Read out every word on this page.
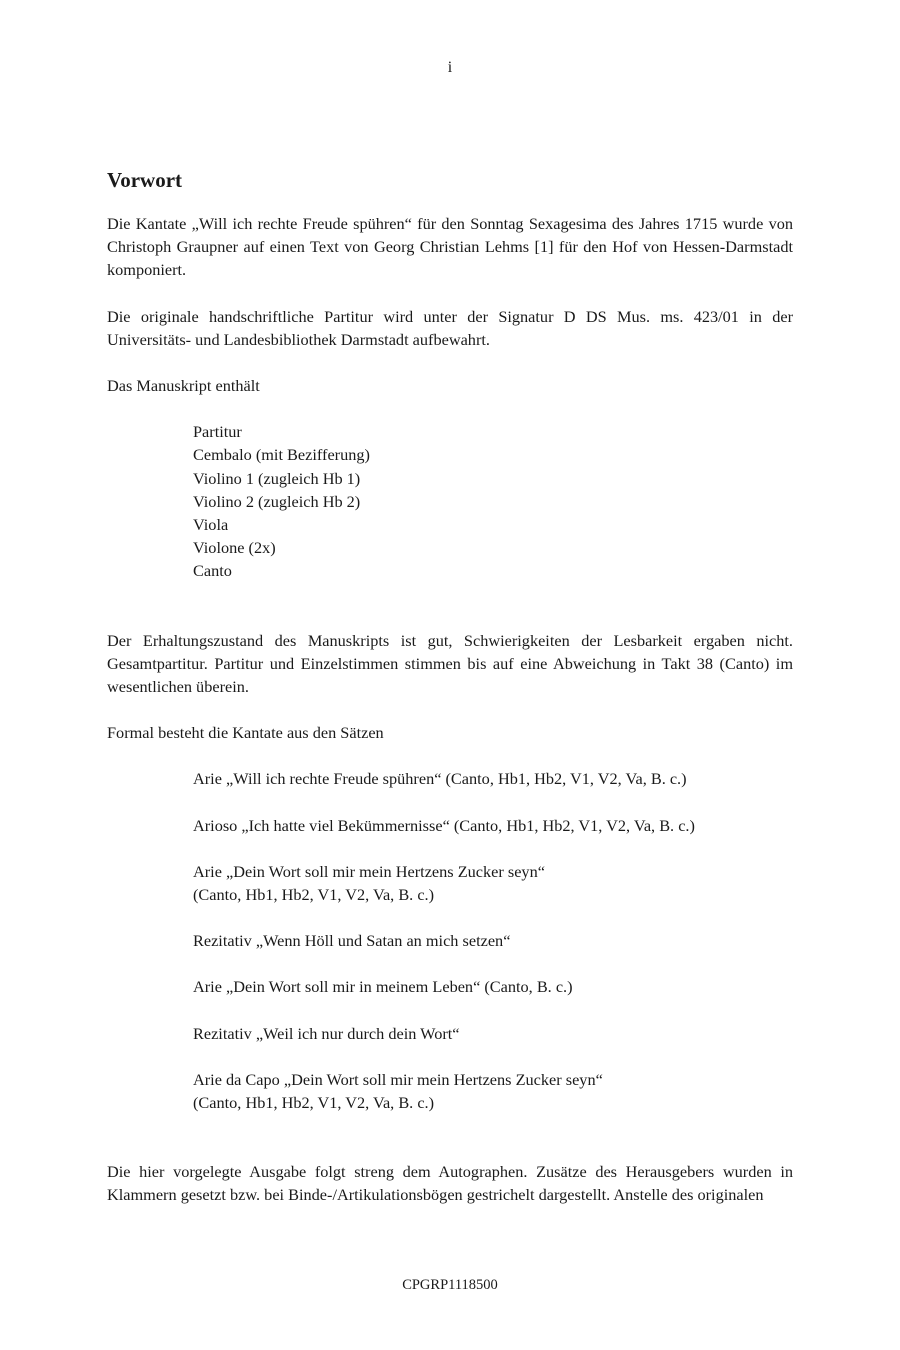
i
Vorwort

Die Kantate „Will ich rechte Freude spühren“ für den Sonntag Sexagesima des Jahres 1715 wurde von Christoph Graupner auf einen Text von Georg Christian Lehms [1] für den Hof von Hessen-Darmstadt komponiert.

Die originale handschriftliche Partitur wird unter der Signatur D DS Mus. ms. 423/01 in der Universitäts- und Landesbibliothek Darmstadt aufbewahrt.

Das Manuskript enthält

Partitur
Cembalo (mit Bezifferung)
Violino 1 (zugleich Hb 1)
Violino 2 (zugleich Hb 2)
Viola
Violone (2x)
Canto

Der Erhaltungszustand des Manuskripts ist gut, Schwierigkeiten der Lesbarkeit ergaben nicht. Gesamtpartitur. Partitur und Einzelstimmen stimmen bis auf eine Abweichung in Takt 38 (Canto) im wesentlichen überein.

Formal besteht die Kantate aus den Sätzen

Arie „Will ich rechte Freude spühren“ (Canto, Hb1, Hb2, V1, V2, Va, B. c.)
Arioso „Ich hatte viel Bekümmernisse“ (Canto, Hb1, Hb2, V1, V2, Va, B. c.)
Arie „Dein Wort soll mir mein Hertzens Zucker seyn“
(Canto, Hb1, Hb2, V1, V2, Va, B. c.)
Rezitativ „Wenn Höll und Satan an mich setzen“
Arie „Dein Wort soll mir in meinem Leben“ (Canto, B. c.)
Rezitativ „Weil ich nur durch dein Wort“
Arie da Capo „Dein Wort soll mir mein Hertzens Zucker seyn“
(Canto, Hb1, Hb2, V1, V2, Va, B. c.)

Die hier vorgelegte Ausgabe folgt streng dem Autographen. Zusätze des Herausgebers wurden in Klammern gesetzt bzw. bei Binde-/Artikulationsbögen gestrichelt dargestellt. Anstelle des originalen

CPGRP1118500
